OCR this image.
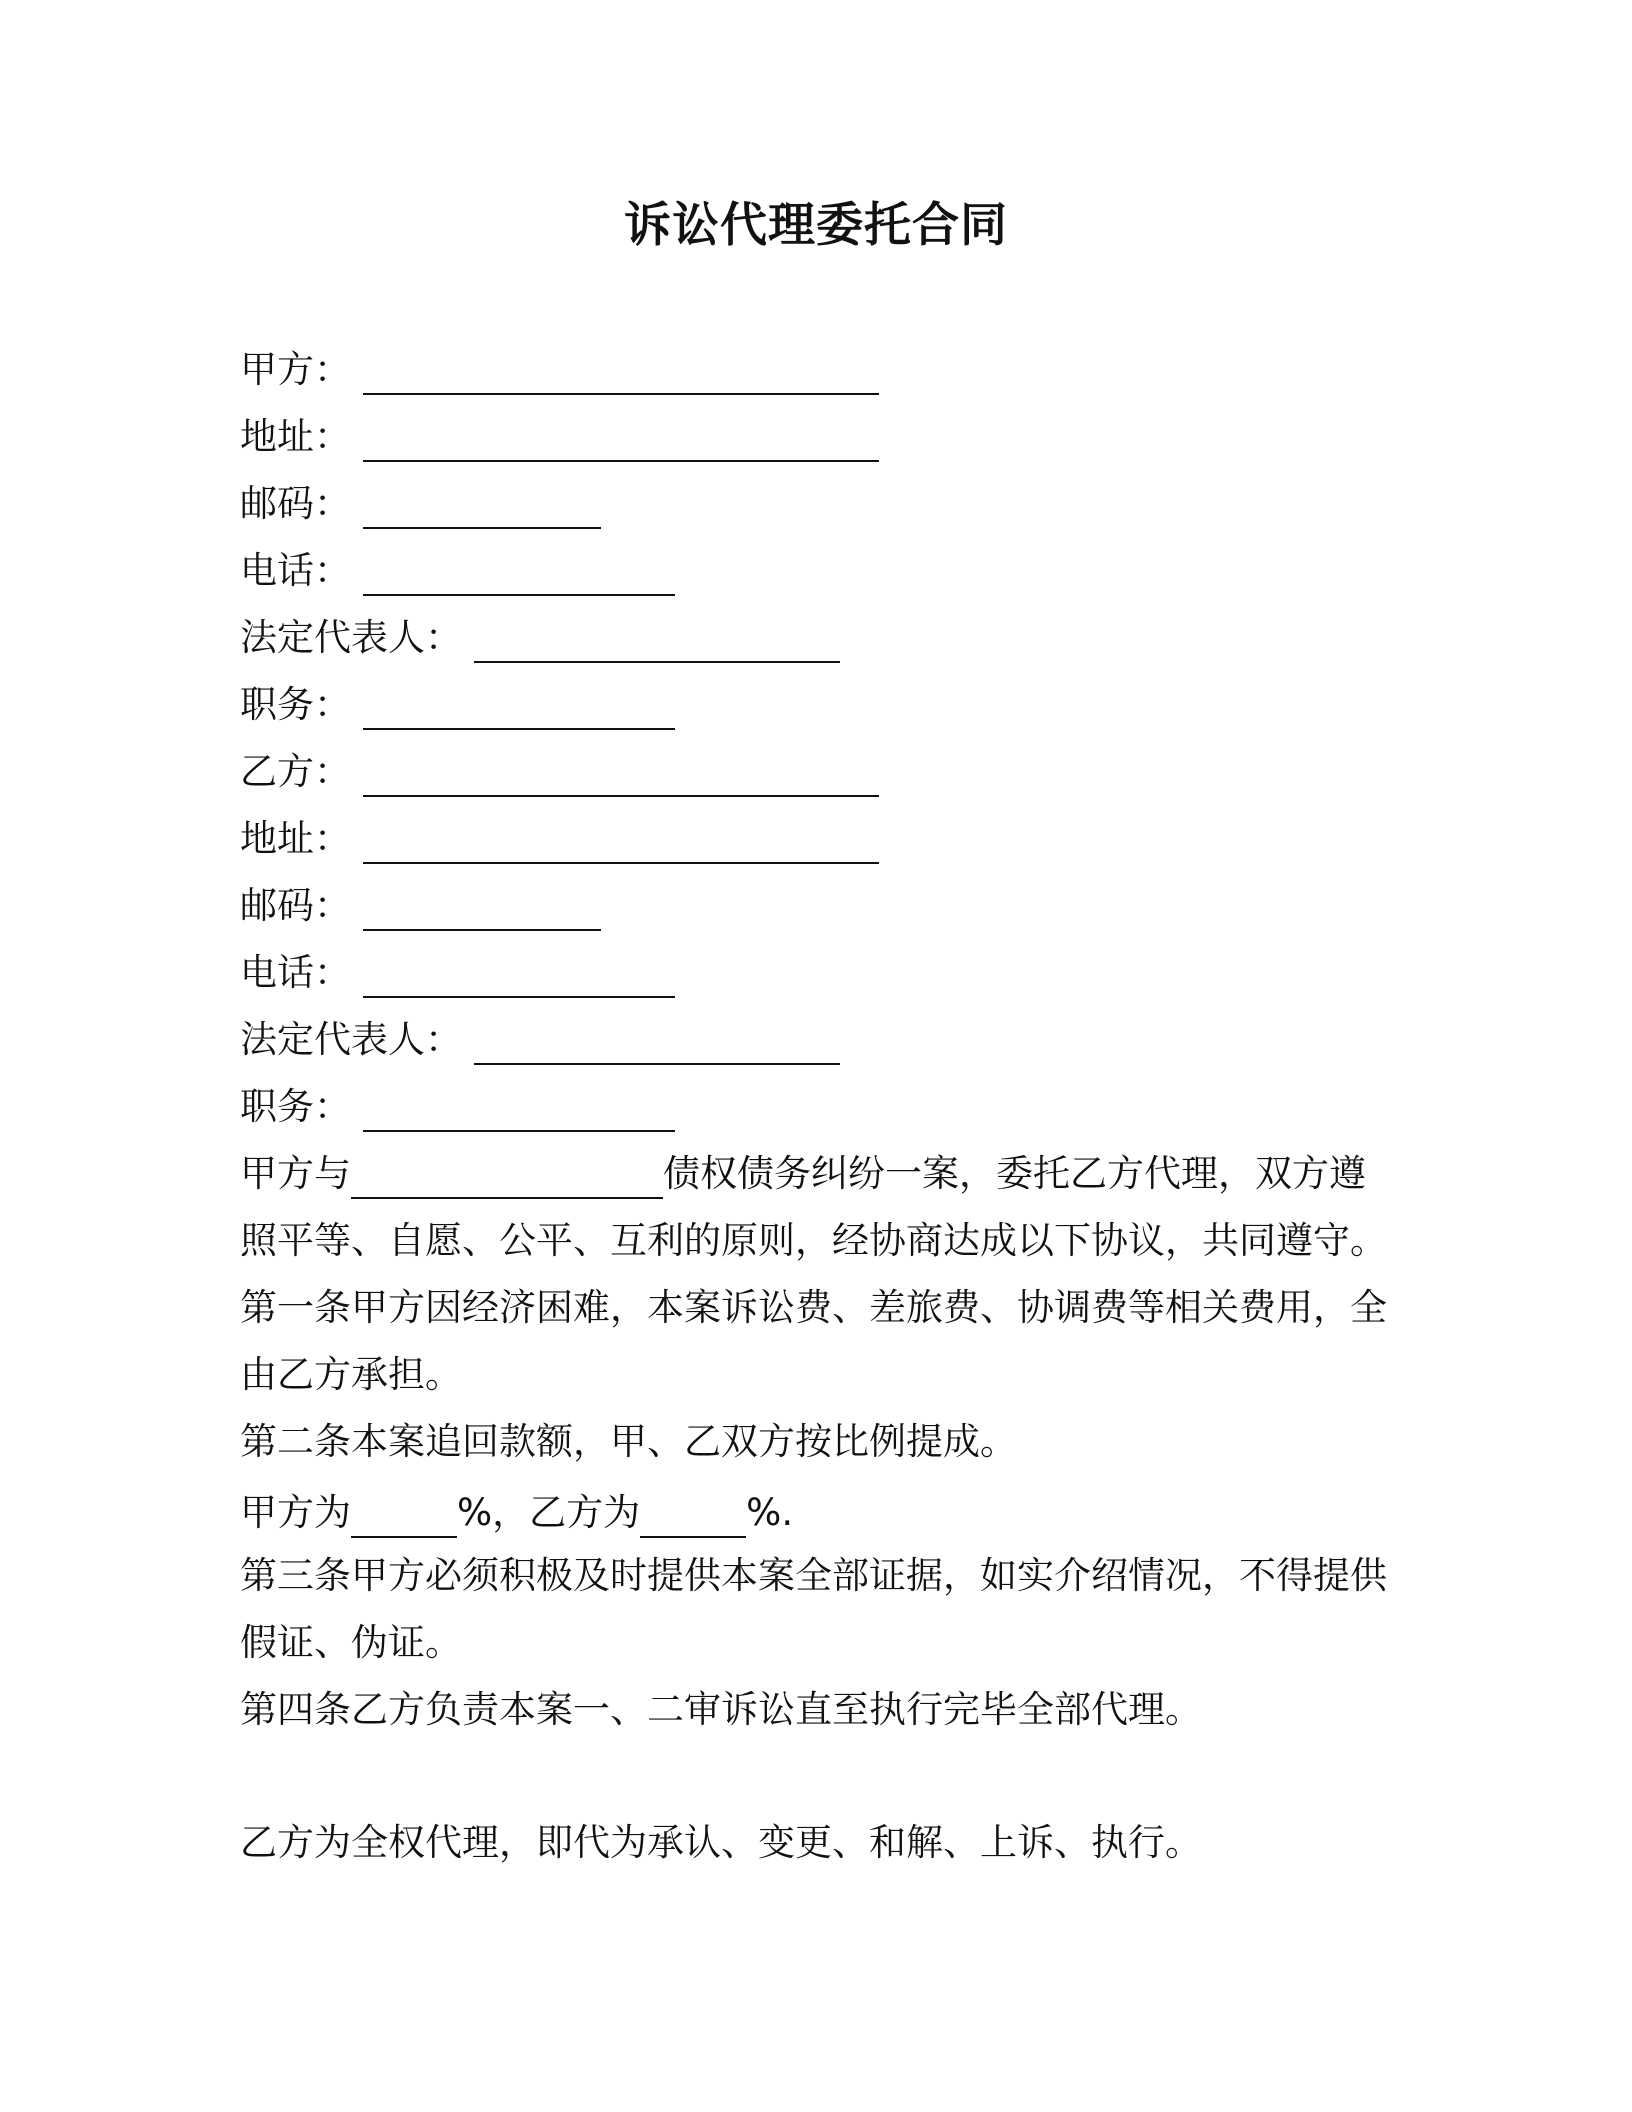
诉讼代理委托合同
甲方：
地址：
邮码：
电话：
法定代表人：
职务：
乙方：
地址：
邮码：
电话：
法定代表人：
职务：
甲方与	债权债务纠纷一案，委托乙方代理，双方遵
照平等、自愿、公平、互利的原则，经协商达成以下协议，共同遵守。
第一条甲方因经济困难，本案诉讼费、差旅费、协调费等相关费用，全
由乙方承担。
第二条本案追回款额，甲、乙双方按比例提成。
甲方为	%，乙方为	%.
第三条甲方必须积极及时提供本案全部证据，如实介绍情况，不得提供
假证、伪证。
第四条乙方负责本案一、二审诉讼直至执行完毕全部代理。
乙方为全权代理，即代为承认、变更、和解、上诉、执行。
